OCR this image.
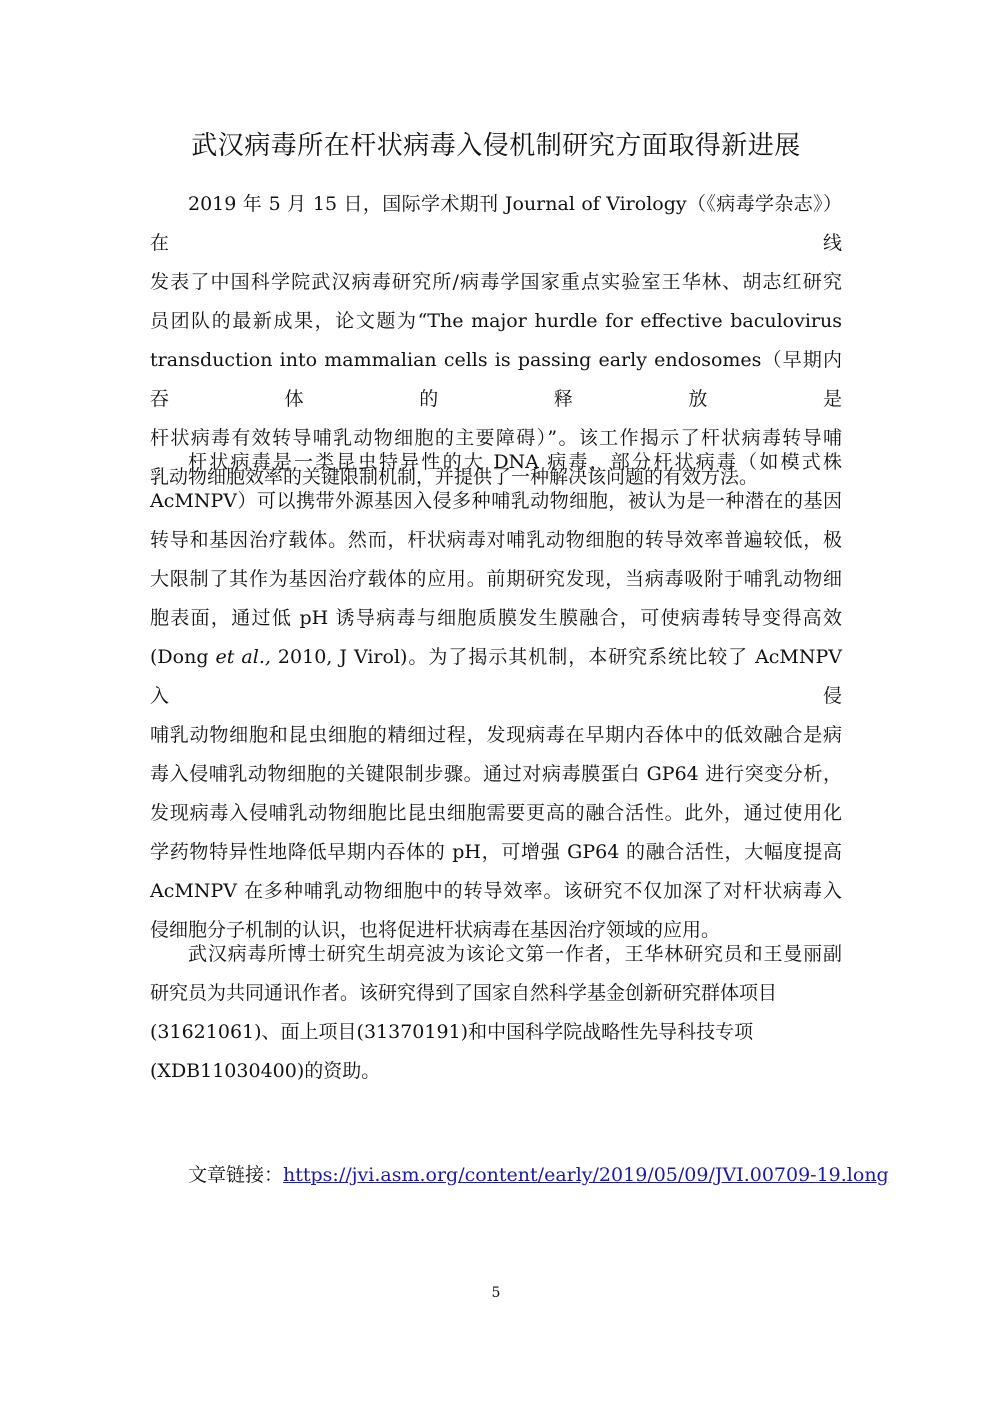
武汉病毒所在杆状病毒入侵机制研究方面取得新进展
2019 年 5 月 15 日，国际学术期刊 Journal of Virology（《病毒学杂志》）在线
发表了中国科学院武汉病毒研究所/病毒学国家重点实验室王华林、胡志红研究
员团队的最新成果，论文题为“The major hurdle for effective baculovirus
transduction into mammalian cells is passing early endosomes（早期内吞体的释放是
杆状病毒有效转导哺乳动物细胞的主要障碍）”。该工作揭示了杆状病毒转导哺
乳动物细胞效率的关键限制机制，并提供了一种解决该问题的有效方法。
杆状病毒是一类昆虫特异性的大 DNA 病毒，部分杆状病毒（如模式株
AcMNPV）可以携带外源基因入侵多种哺乳动物细胞，被认为是一种潜在的基因
转导和基因治疗载体。然而，杆状病毒对哺乳动物细胞的转导效率普遍较低，极
大限制了其作为基因治疗载体的应用。前期研究发现，当病毒吸附于哺乳动物细
胞表面，通过低 pH 诱导病毒与细胞质膜发生膜融合，可使病毒转导变得高效
(Dong et al., 2010, J Virol)。为了揭示其机制，本研究系统比较了 AcMNPV 入侵
哺乳动物细胞和昆虫细胞的精细过程，发现病毒在早期内吞体中的低效融合是病
毒入侵哺乳动物细胞的关键限制步骤。通过对病毒膜蛋白 GP64 进行突变分析，
发现病毒入侵哺乳动物细胞比昆虫细胞需要更高的融合活性。此外，通过使用化
学药物特异性地降低早期内吞体的 pH，可增强 GP64 的融合活性，大幅度提高
AcMNPV 在多种哺乳动物细胞中的转导效率。该研究不仅加深了对杆状病毒入
侵细胞分子机制的认识，也将促进杆状病毒在基因治疗领域的应用。
武汉病毒所博士研究生胡亮波为该论文第一作者，王华林研究员和王曼丽副
研究员为共同通讯作者。该研究得到了国家自然科学基金创新研究群体项目
(31621061)、面上项目(31370191)和中国科学院战略性先导科技专项
(XDB11030400)的资助。
文章链接：https://jvi.asm.org/content/early/2019/05/09/JVI.00709-19.long
5
